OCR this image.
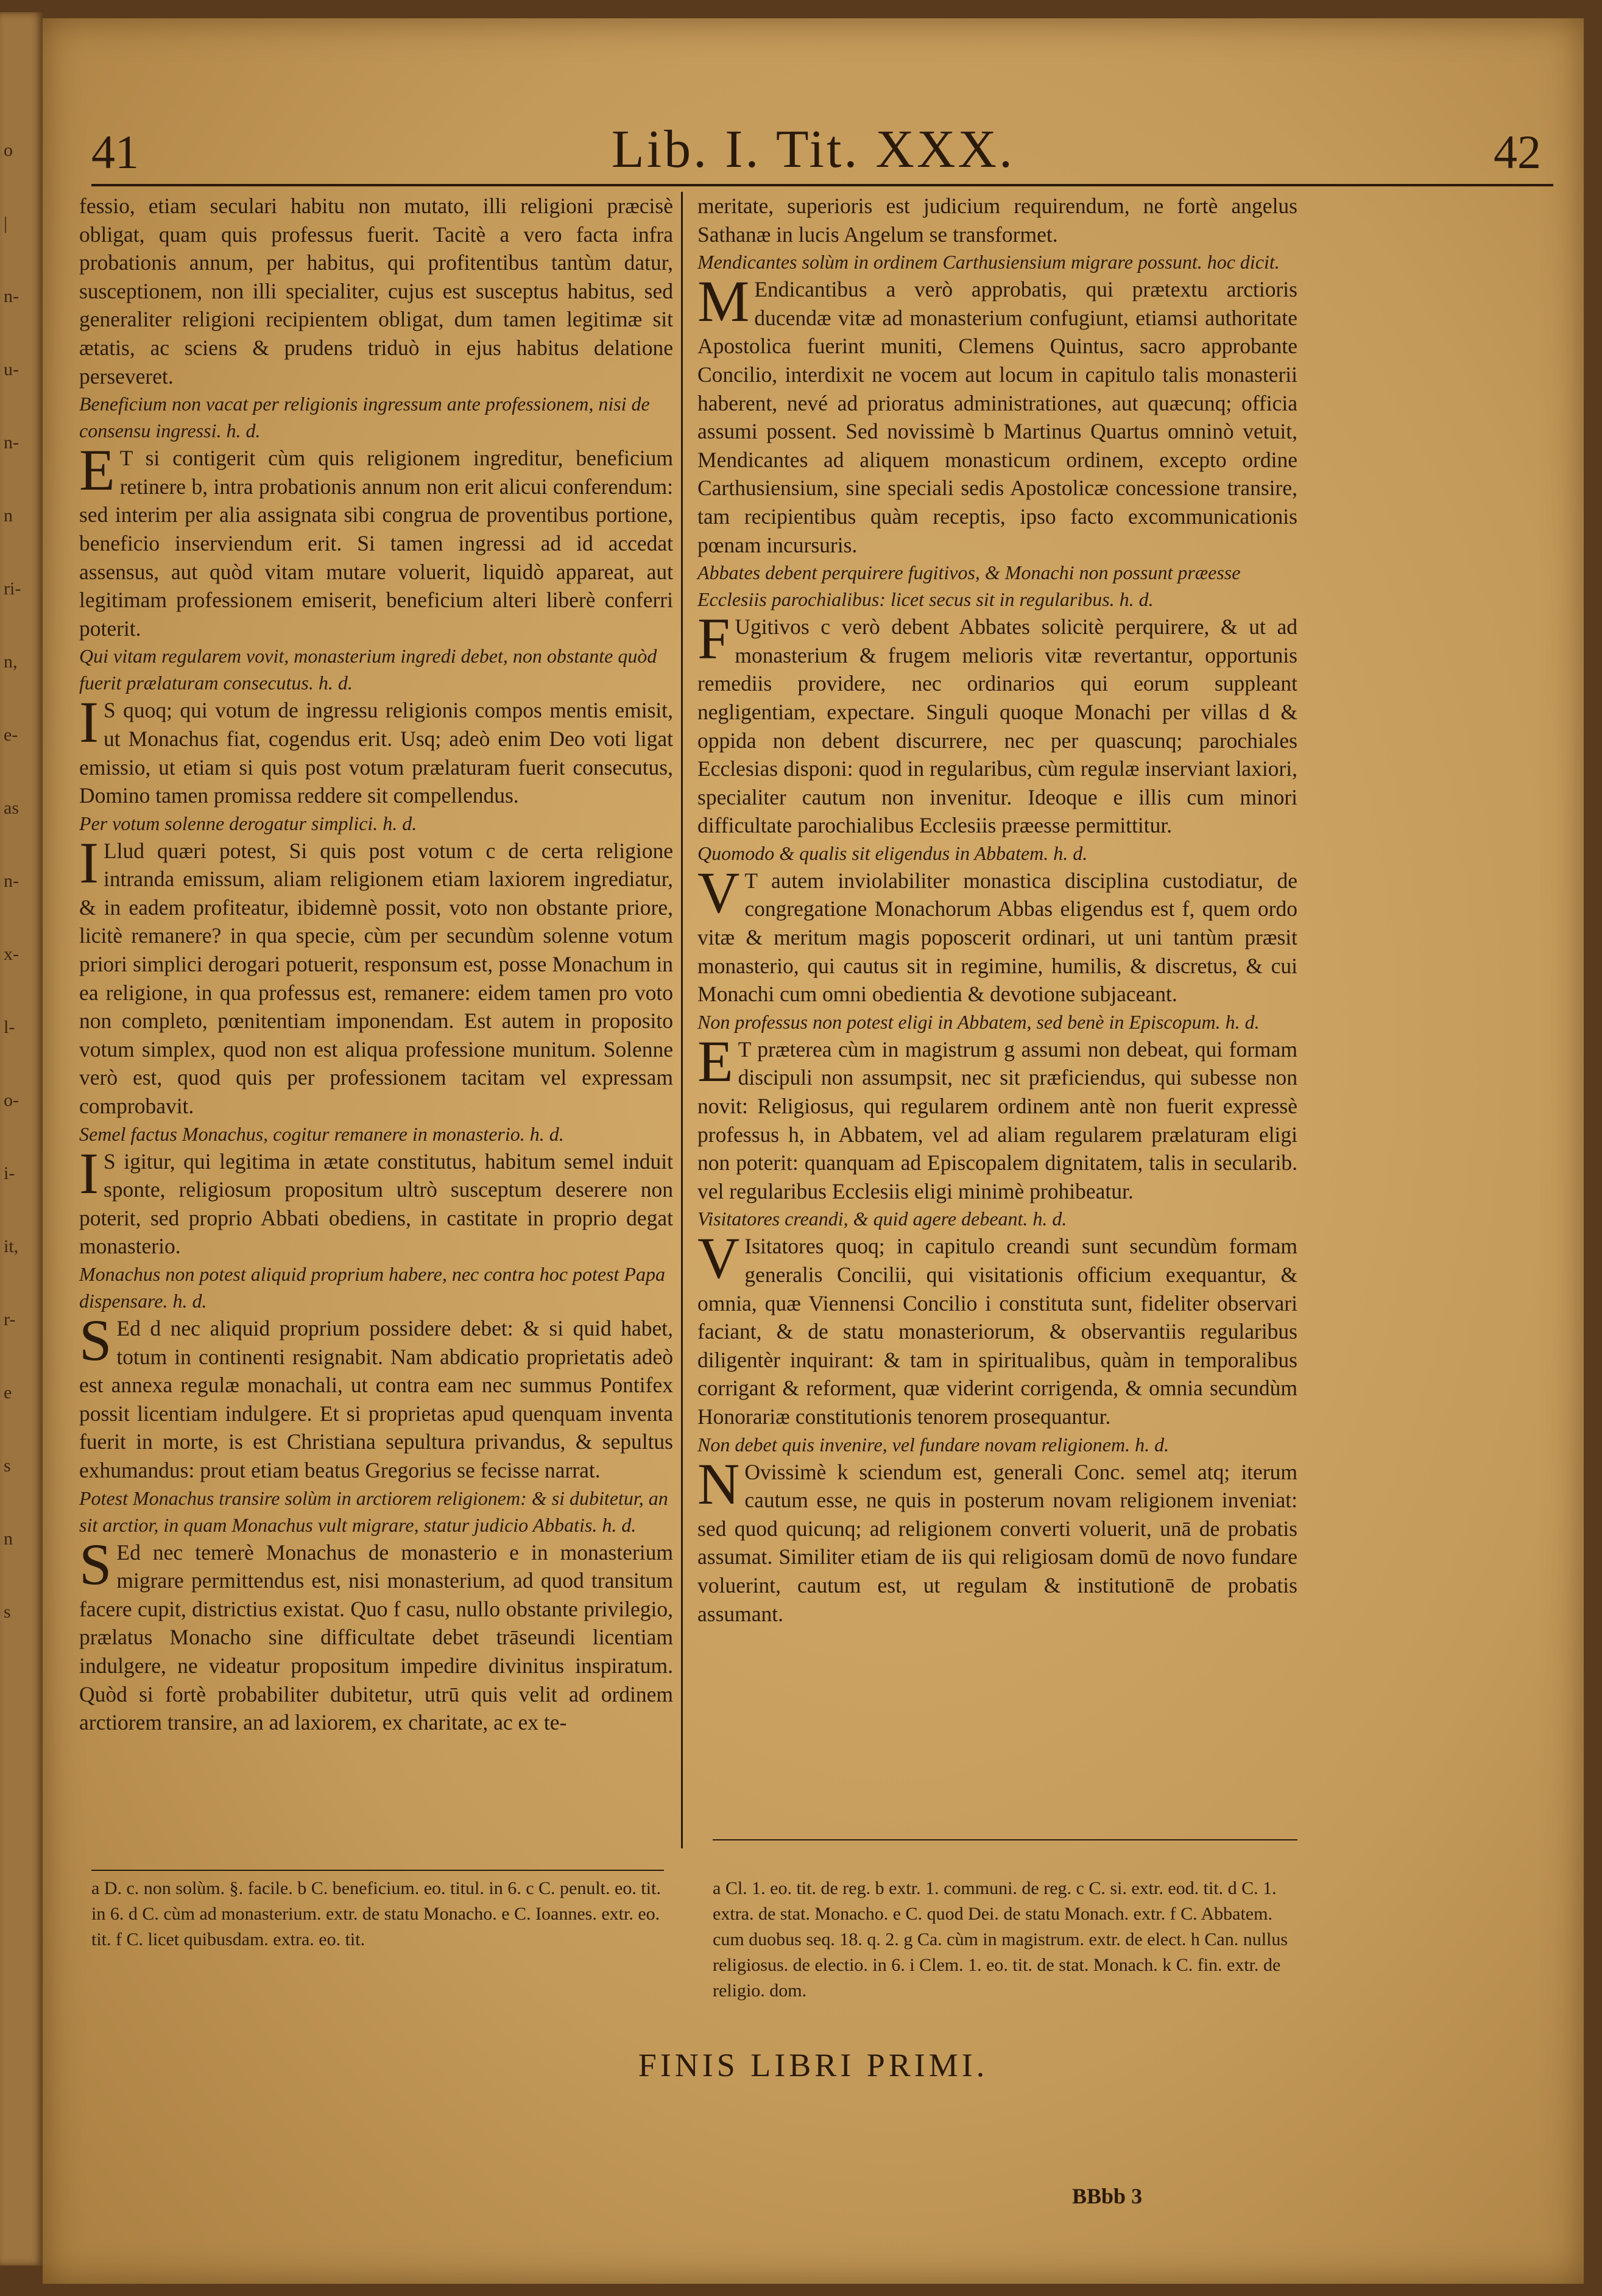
o
|
n-
u-
n-
n
ri-
n,
e-
as
n-
x-
l-
o-
i-
it,
r-
e
s
n
s
41	Lib. I. Tit. XXX.	42

fessio, etiam seculari habitu non mutato, illi religioni præcisè obligat, quam quis professus fuerit. Tacitè a vero facta infra probationis annum, per habitus, qui profitentibus tantùm datur, susceptionem, non illi specialiter, cujus est susceptus habitus, sed generaliter religioni recipientem obligat, dum tamen legitimæ sit ætatis, ac sciens & prudens triduò in ejus habitus delatione perseveret.

Beneficium non vacat per religionis ingressum ante professionem, nisi de consensu ingressi. h. d.

E T si contigerit cùm quis religionem ingreditur, beneficium retinere b, intra probationis annum non erit alicui conferendum: sed interim per alia assignata sibi congrua de proventibus portione, beneficio inserviendum erit. Si tamen ingressi ad id accedat assensus, aut quòd vitam mutare voluerit, liquidò appareat, aut legitimam professionem emiserit, beneficium alteri liberè conferri poterit.

Qui vitam regularem vovit, monasterium ingredi debet, non obstante quòd fuerit prælaturam consecutus. h. d.

I S quoq; qui votum de ingressu religionis compos mentis emisit, ut Monachus fiat, cogendus erit. Usq; adeò enim Deo voti ligat emissio, ut etiam si quis post votum prælaturam fuerit consecutus, Domino tamen promissa reddere sit compellendus.

Per votum solenne derogatur simplici. h. d.

I Llud quæri potest, Si quis post votum c de certa religione intranda emissum, aliam religionem etiam laxiorem ingrediatur, & in eadem profiteatur, ibidemnè possit, voto non obstante priore, licitè remanere? in qua specie, cùm per secundùm solenne votum priori simplici derogari potuerit, responsum est, posse Monachum in ea religione, in qua professus est, remanere: eidem tamen pro voto non completo, pœnitentiam imponendam. Est autem in proposito votum simplex, quod non est aliqua professione munitum. Solenne verò est, quod quis per professionem tacitam vel expressam comprobavit.

Semel factus Monachus, cogitur remanere in monasterio. h. d.

I S igitur, qui legitima in ætate constitutus, habitum semel induit sponte, religiosum propositum ultrò susceptum deserere non poterit, sed proprio Abbati obediens, in castitate in proprio degat monasterio.

Monachus non potest aliquid proprium habere, nec contra hoc potest Papa dispensare. h. d.

S Ed d nec aliquid proprium possidere debet: & si quid habet, totum in continenti resignabit. Nam abdicatio proprietatis adeò est annexa regulæ monachali, ut contra eam nec summus Pontifex possit licentiam indulgere. Et si proprietas apud quenquam inventa fuerit in morte, is est Christiana sepultura privandus, & sepultus exhumandus: prout etiam beatus Gregorius se fecisse narrat.

Potest Monachus transire solùm in arctiorem religionem: & si dubitetur, an sit arctior, in quam Monachus vult migrare, statur judicio Abbatis. h. d.

S Ed nec temerè Monachus de monasterio e in monasterium migrare permittendus est, nisi monasterium, ad quod transitum facere cupit, districtius existat. Quo f casu, nullo obstante privilegio, prælatus Monacho sine difficultate debet trāseundi licentiam indulgere, ne videatur propositum impedire divinitus inspiratum. Quòd si fortè probabiliter dubitetur, utrū quis velit ad ordinem arctiorem transire, an ad laxiorem, ex charitate, ac ex te-

meritate, superioris est judicium requirendum, ne fortè angelus Sathanæ in lucis Angelum se transformet.

Mendicantes solùm in ordinem Carthusiensium migrare possunt. hoc dicit.

M Endicantibus a verò approbatis, qui prætextu arctioris ducendæ vitæ ad monasterium confugiunt, etiamsi authoritate Apostolica fuerint muniti, Clemens Quintus, sacro approbante Concilio, interdixit ne vocem aut locum in capitulo talis monasterii haberent, nevé ad prioratus administrationes, aut quæcunq; officia assumi possent. Sed novissimè b Martinus Quartus omninò vetuit, Mendicantes ad aliquem monasticum ordinem, excepto ordine Carthusiensium, sine speciali sedis Apostolicæ concessione transire, tam recipientibus quàm receptis, ipso facto excommunicationis pœnam incursuris.

Abbates debent perquirere fugitivos, & Monachi non possunt præesse Ecclesiis parochialibus: licet secus sit in regularibus. h. d.

F Ugitivos c verò debent Abbates solicitè perquirere, & ut ad monasterium & frugem melioris vitæ revertantur, opportunis remediis providere, nec ordinarios qui eorum suppleant negligentiam, expectare. Singuli quoque Monachi per villas d & oppida non debent discurrere, nec per quascunq; parochiales Ecclesias disponi: quod in regularibus, cùm regulæ inserviant laxiori, specialiter cautum non invenitur. Ideoque e illis cum minori difficultate parochialibus Ecclesiis præesse permittitur.

Quomodo & qualis sit eligendus in Abbatem. h. d.

V T autem inviolabiliter monastica disciplina custodiatur, de congregatione Monachorum Abbas eligendus est f, quem ordo vitæ & meritum magis poposcerit ordinari, ut uni tantùm præsit monasterio, qui cautus sit in regimine, humilis, & discretus, & cui Monachi cum omni obedientia & devotione subjaceant.

Non professus non potest eligi in Abbatem, sed benè in Episcopum. h. d.

E T præterea cùm in magistrum g assumi non debeat, qui formam discipuli non assumpsit, nec sit præficiendus, qui subesse non novit: Religiosus, qui regularem ordinem antè non fuerit expressè professus h, in Abbatem, vel ad aliam regularem prælaturam eligi non poterit: quanquam ad Episcopalem dignitatem, talis in secularib. vel regularibus Ecclesiis eligi minimè prohibeatur.

Visitatores creandi, & quid agere debeant. h. d.

V Isitatores quoq; in capitulo creandi sunt secundùm formam generalis Concilii, qui visitationis officium exequantur, & omnia, quæ Viennensi Concilio i constituta sunt, fideliter observari faciant, & de statu monasteriorum, & observantiis regularibus diligentèr inquirant: & tam in spiritualibus, quàm in temporalibus corrigant & reforment, quæ viderint corrigenda, & omnia secundùm Honorariæ constitutionis tenorem prosequantur.

Non debet quis invenire, vel fundare novam religionem. h. d.

N Ovissimè k sciendum est, generali Conc. semel atq; iterum cautum esse, ne quis in posterum novam religionem inveniat: sed quod quicunq; ad religionem converti voluerit, unā de probatis assumat. Similiter etiam de iis qui religiosam domū de novo fundare voluerint, cautum est, ut regulam & institutionē de probatis assumant.

a D. c. non solùm. §. facile. b C. beneficium. eo. titul. in 6. c C. penult. eo. tit. in 6. d C. cùm ad monasterium. extr. de statu Monacho. e C. Ioannes. extr. eo. tit. f C. licet quibusdam. extra. eo. tit.
a Cl. 1. eo. tit. de reg. b extr. 1. communi. de reg. c C. si. extr. eod. tit. d C. 1. extra. de stat. Monacho. e C. quod Dei. de statu Monach. extr. f C. Abbatem. cum duobus seq. 18. q. 2. g Ca. cùm in magistrum. extr. de elect. h Can. nullus religiosus. de electio. in 6. i Clem. 1. eo. tit. de stat. Monach. k C. fin. extr. de religio. dom.
FINIS LIBRI PRIMI.
BBbb 3
